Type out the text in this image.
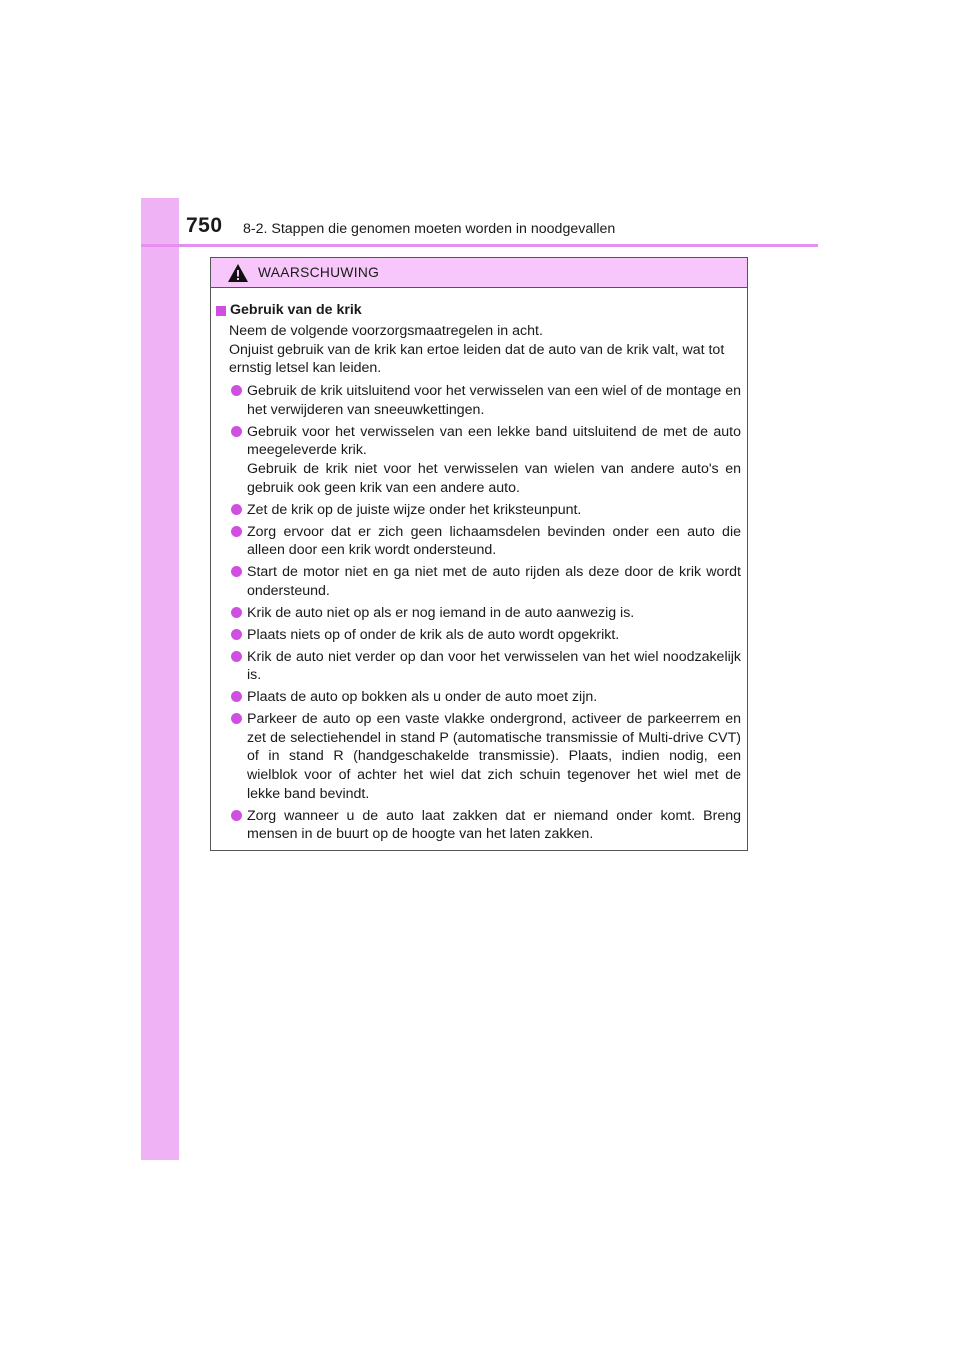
750 8-2. Stappen die genomen moeten worden in noodgevallen
WAARSCHUWING
Gebruik van de krik

Neem de volgende voorzorgsmaatregelen in acht.

Onjuist gebruik van de krik kan ertoe leiden dat de auto van de krik valt, wat tot ernstig letsel kan leiden.

Gebruik de krik uitsluitend voor het verwisselen van een wiel of de montage en het verwijderen van sneeuwkettingen.
Gebruik voor het verwisselen van een lekke band uitsluitend de met de auto meegeleverde krik.
Gebruik de krik niet voor het verwisselen van wielen van andere auto's en gebruik ook geen krik van een andere auto.
Zet de krik op de juiste wijze onder het kriksteunpunt.
Zorg ervoor dat er zich geen lichaamsdelen bevinden onder een auto die alleen door een krik wordt ondersteund.
Start de motor niet en ga niet met de auto rijden als deze door de krik wordt ondersteund.
Krik de auto niet op als er nog iemand in de auto aanwezig is.
Plaats niets op of onder de krik als de auto wordt opgekrikt.
Krik de auto niet verder op dan voor het verwisselen van het wiel noodzakelijk is.
Plaats de auto op bokken als u onder de auto moet zijn.
Parkeer de auto op een vaste vlakke ondergrond, activeer de parkeerrem en zet de selectiehendel in stand P (automatische transmissie of Multi-drive CVT) of in stand R (handgeschakelde transmissie). Plaats, indien nodig, een wielblok voor of achter het wiel dat zich schuin tegenover het wiel met de lekke band bevindt.
Zorg wanneer u de auto laat zakken dat er niemand onder komt. Breng mensen in de buurt op de hoogte van het laten zakken.
